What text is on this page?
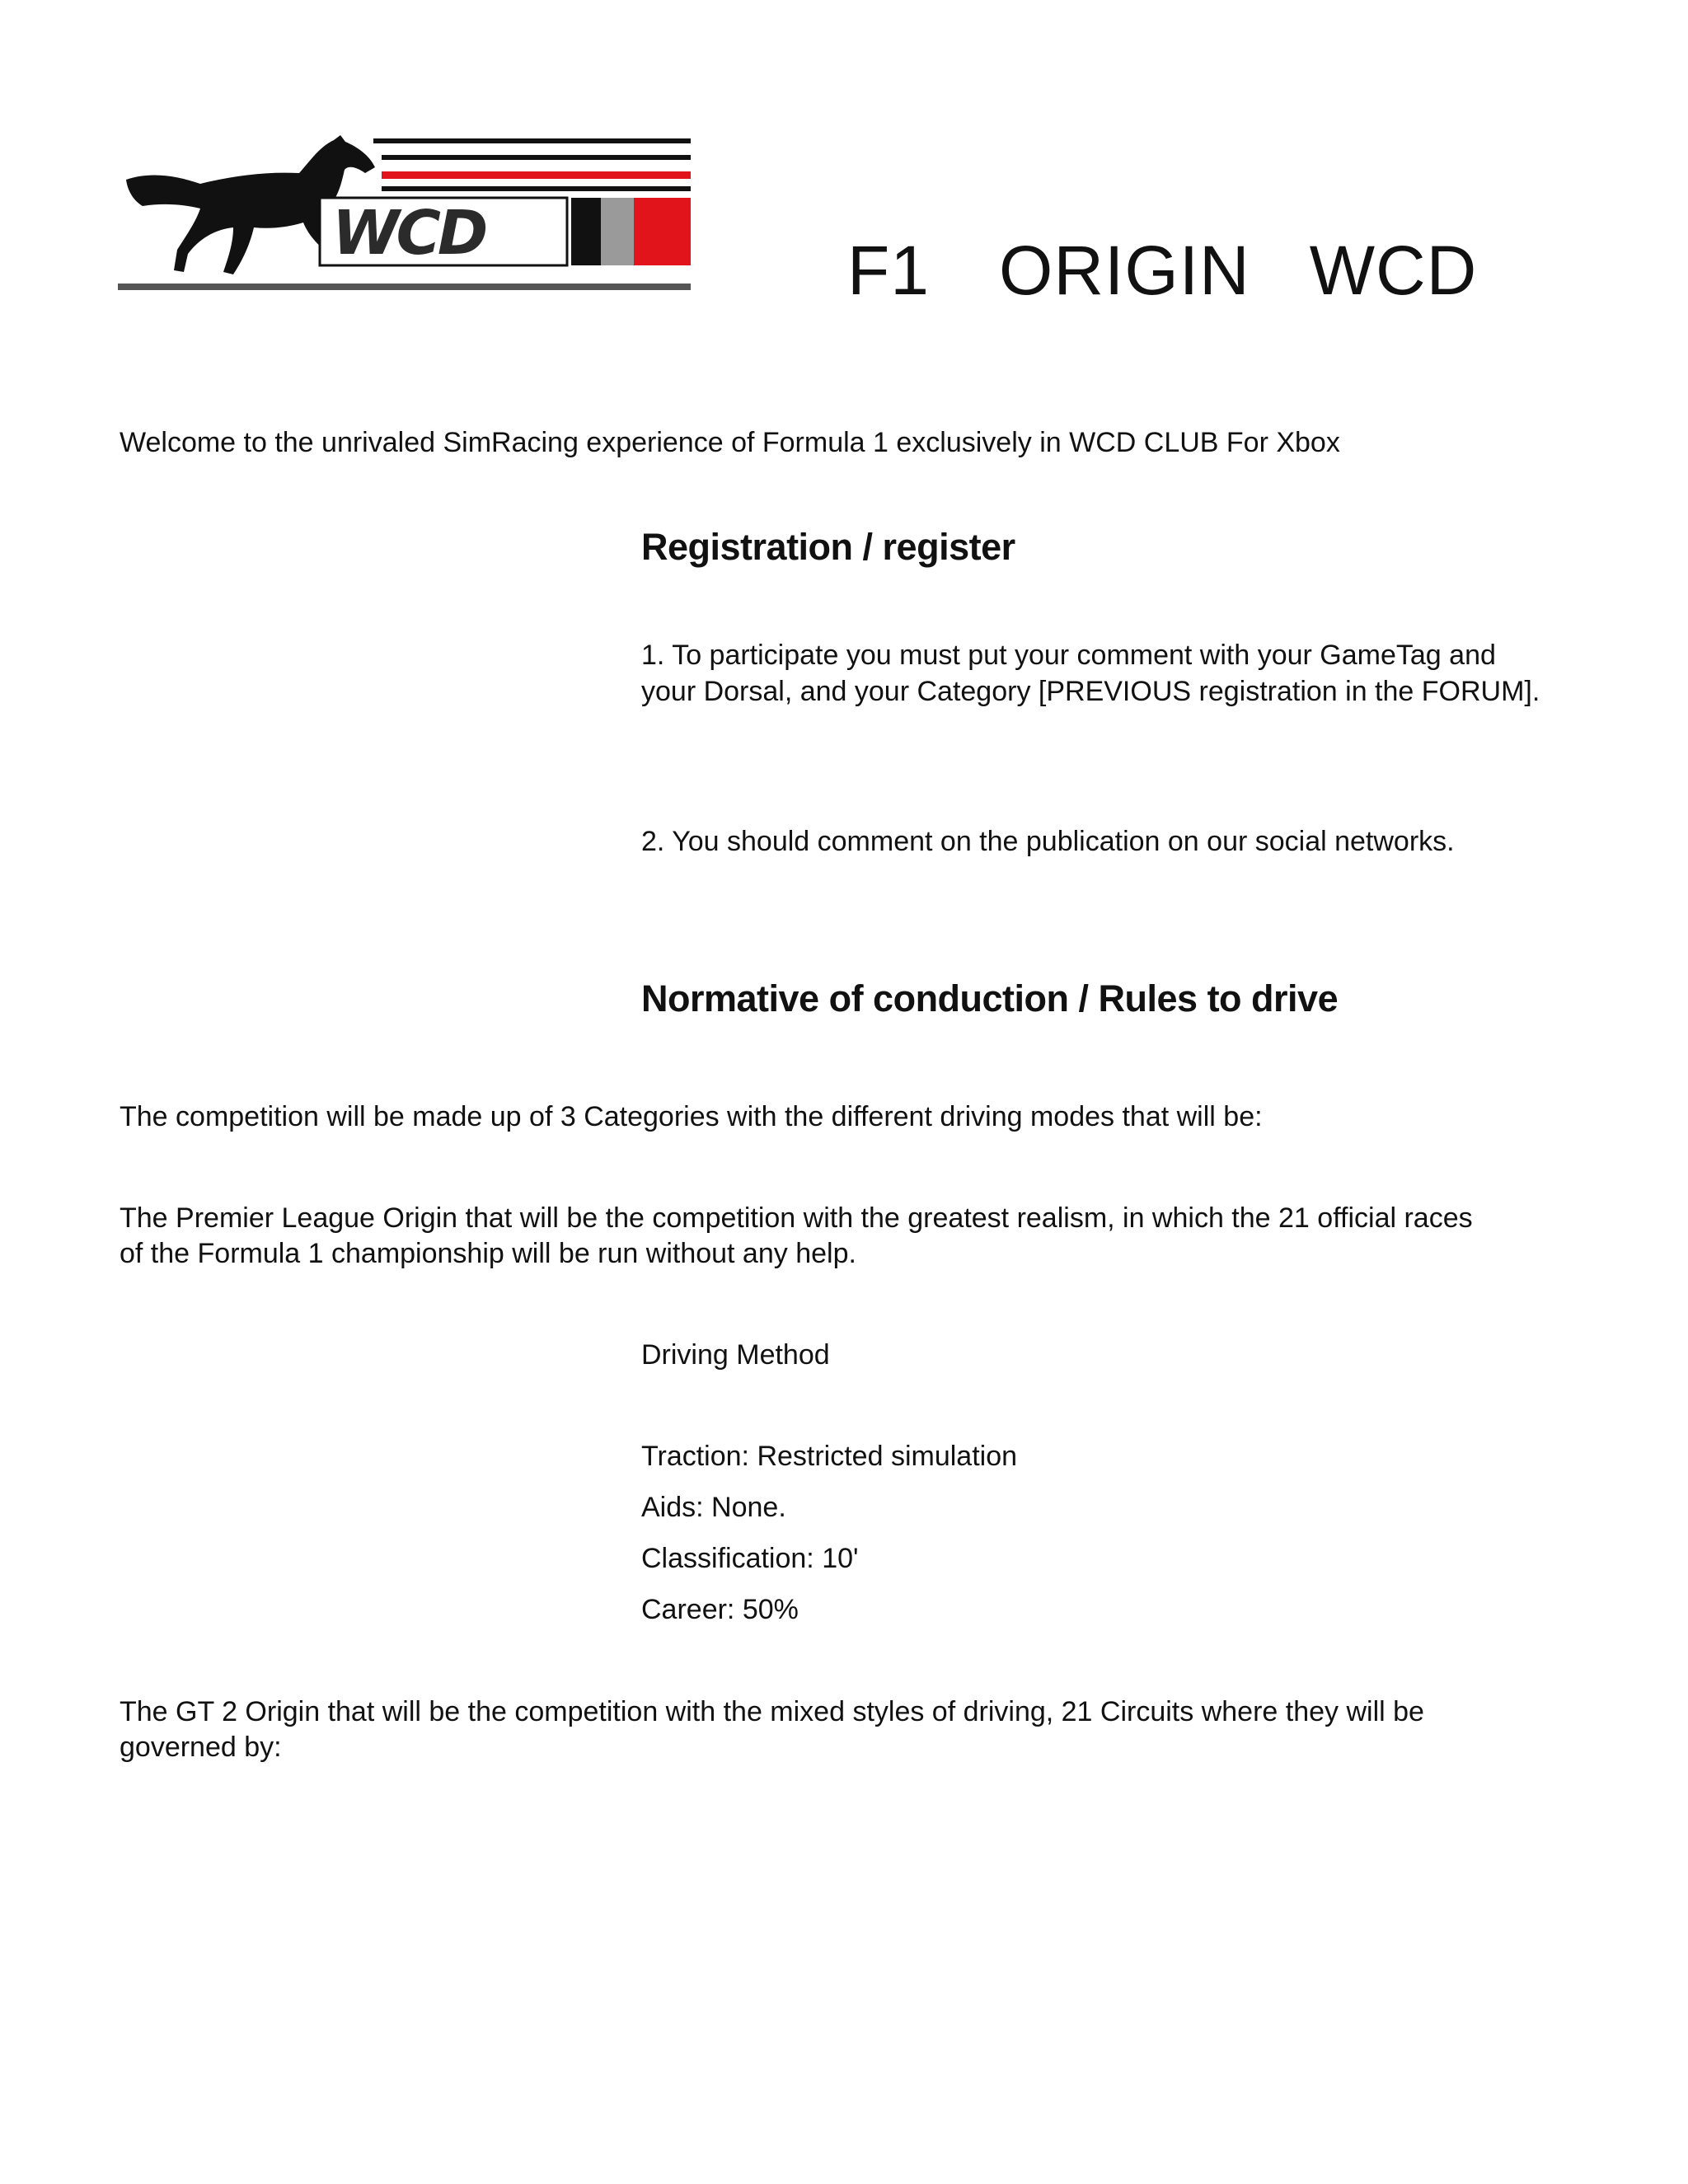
WCD	F1 ORIGIN WCD
Welcome to the unrivaled SimRacing experience of Formula 1 exclusively in WCD CLUB For Xbox
Registration / register
1. To participate you must put your comment with your GameTag and
your Dorsal, and your Category [PREVIOUS registration in the FORUM].
2. You should comment on the publication on our social networks.
Normative of conduction / Rules to drive
The competition will be made up of 3 Categories with the different driving modes that will be:
The Premier League Origin that will be the competition with the greatest realism, in which the 21 official races
of the Formula 1 championship will be run without any help.
Driving Method
Traction: Restricted simulation
Aids: None.
Classification: 10'
Career: 50%
The GT 2 Origin that will be the competition with the mixed styles of driving, 21 Circuits where they will be
governed by:
